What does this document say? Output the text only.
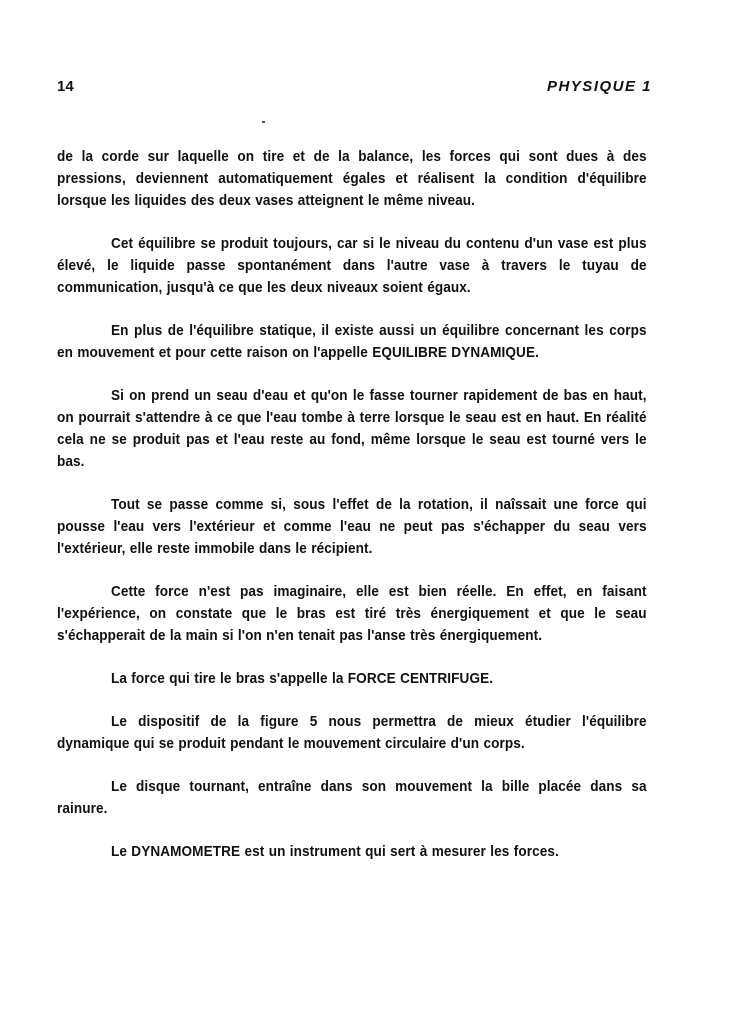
14	PHYSIQUE 1

de la corde sur laquelle on tire et de la balance, les forces qui sont dues à des pressions, deviennent automatiquement égales et réalisent la condition d'équilibre lorsque les liquides des deux vases atteignent le même niveau.

Cet équilibre se produit toujours, car si le niveau du contenu d'un vase est plus élevé, le liquide passe spontanément dans l'autre vase à travers le tuyau de communication, jusqu'à ce que les deux niveaux soient égaux.

En plus de l'équilibre statique, il existe aussi un équilibre concernant les corps en mouvement et pour cette raison on l'appelle EQUILIBRE DYNAMIQUE.

Si on prend un seau d'eau et qu'on le fasse tourner rapidement de bas en haut, on pourrait s'attendre à ce que l'eau tombe à terre lorsque le seau est en haut. En réalité cela ne se produit pas et l'eau reste au fond, même lorsque le seau est tourné vers le bas.

Tout se passe comme si, sous l'effet de la rotation, il naîssait une force qui pousse l'eau vers l'extérieur et comme l'eau ne peut pas s'échapper du seau vers l'extérieur, elle reste immobile dans le récipient.

Cette force n'est pas imaginaire, elle est bien réelle. En effet, en faisant l'expérience, on constate que le bras est tiré très énergiquement et que le seau s'échapperait de la main si l'on n'en tenait pas l'anse très énergiquement.

La force qui tire le bras s'appelle la FORCE CENTRIFUGE.

Le dispositif de la figure 5 nous permettra de mieux étudier l'équilibre dynamique qui se produit pendant le mouvement circulaire d'un corps.

Le disque tournant, entraîne dans son mouvement la bille placée dans sa rainure.

Le DYNAMOMETRE est un instrument qui sert à mesurer les forces.
